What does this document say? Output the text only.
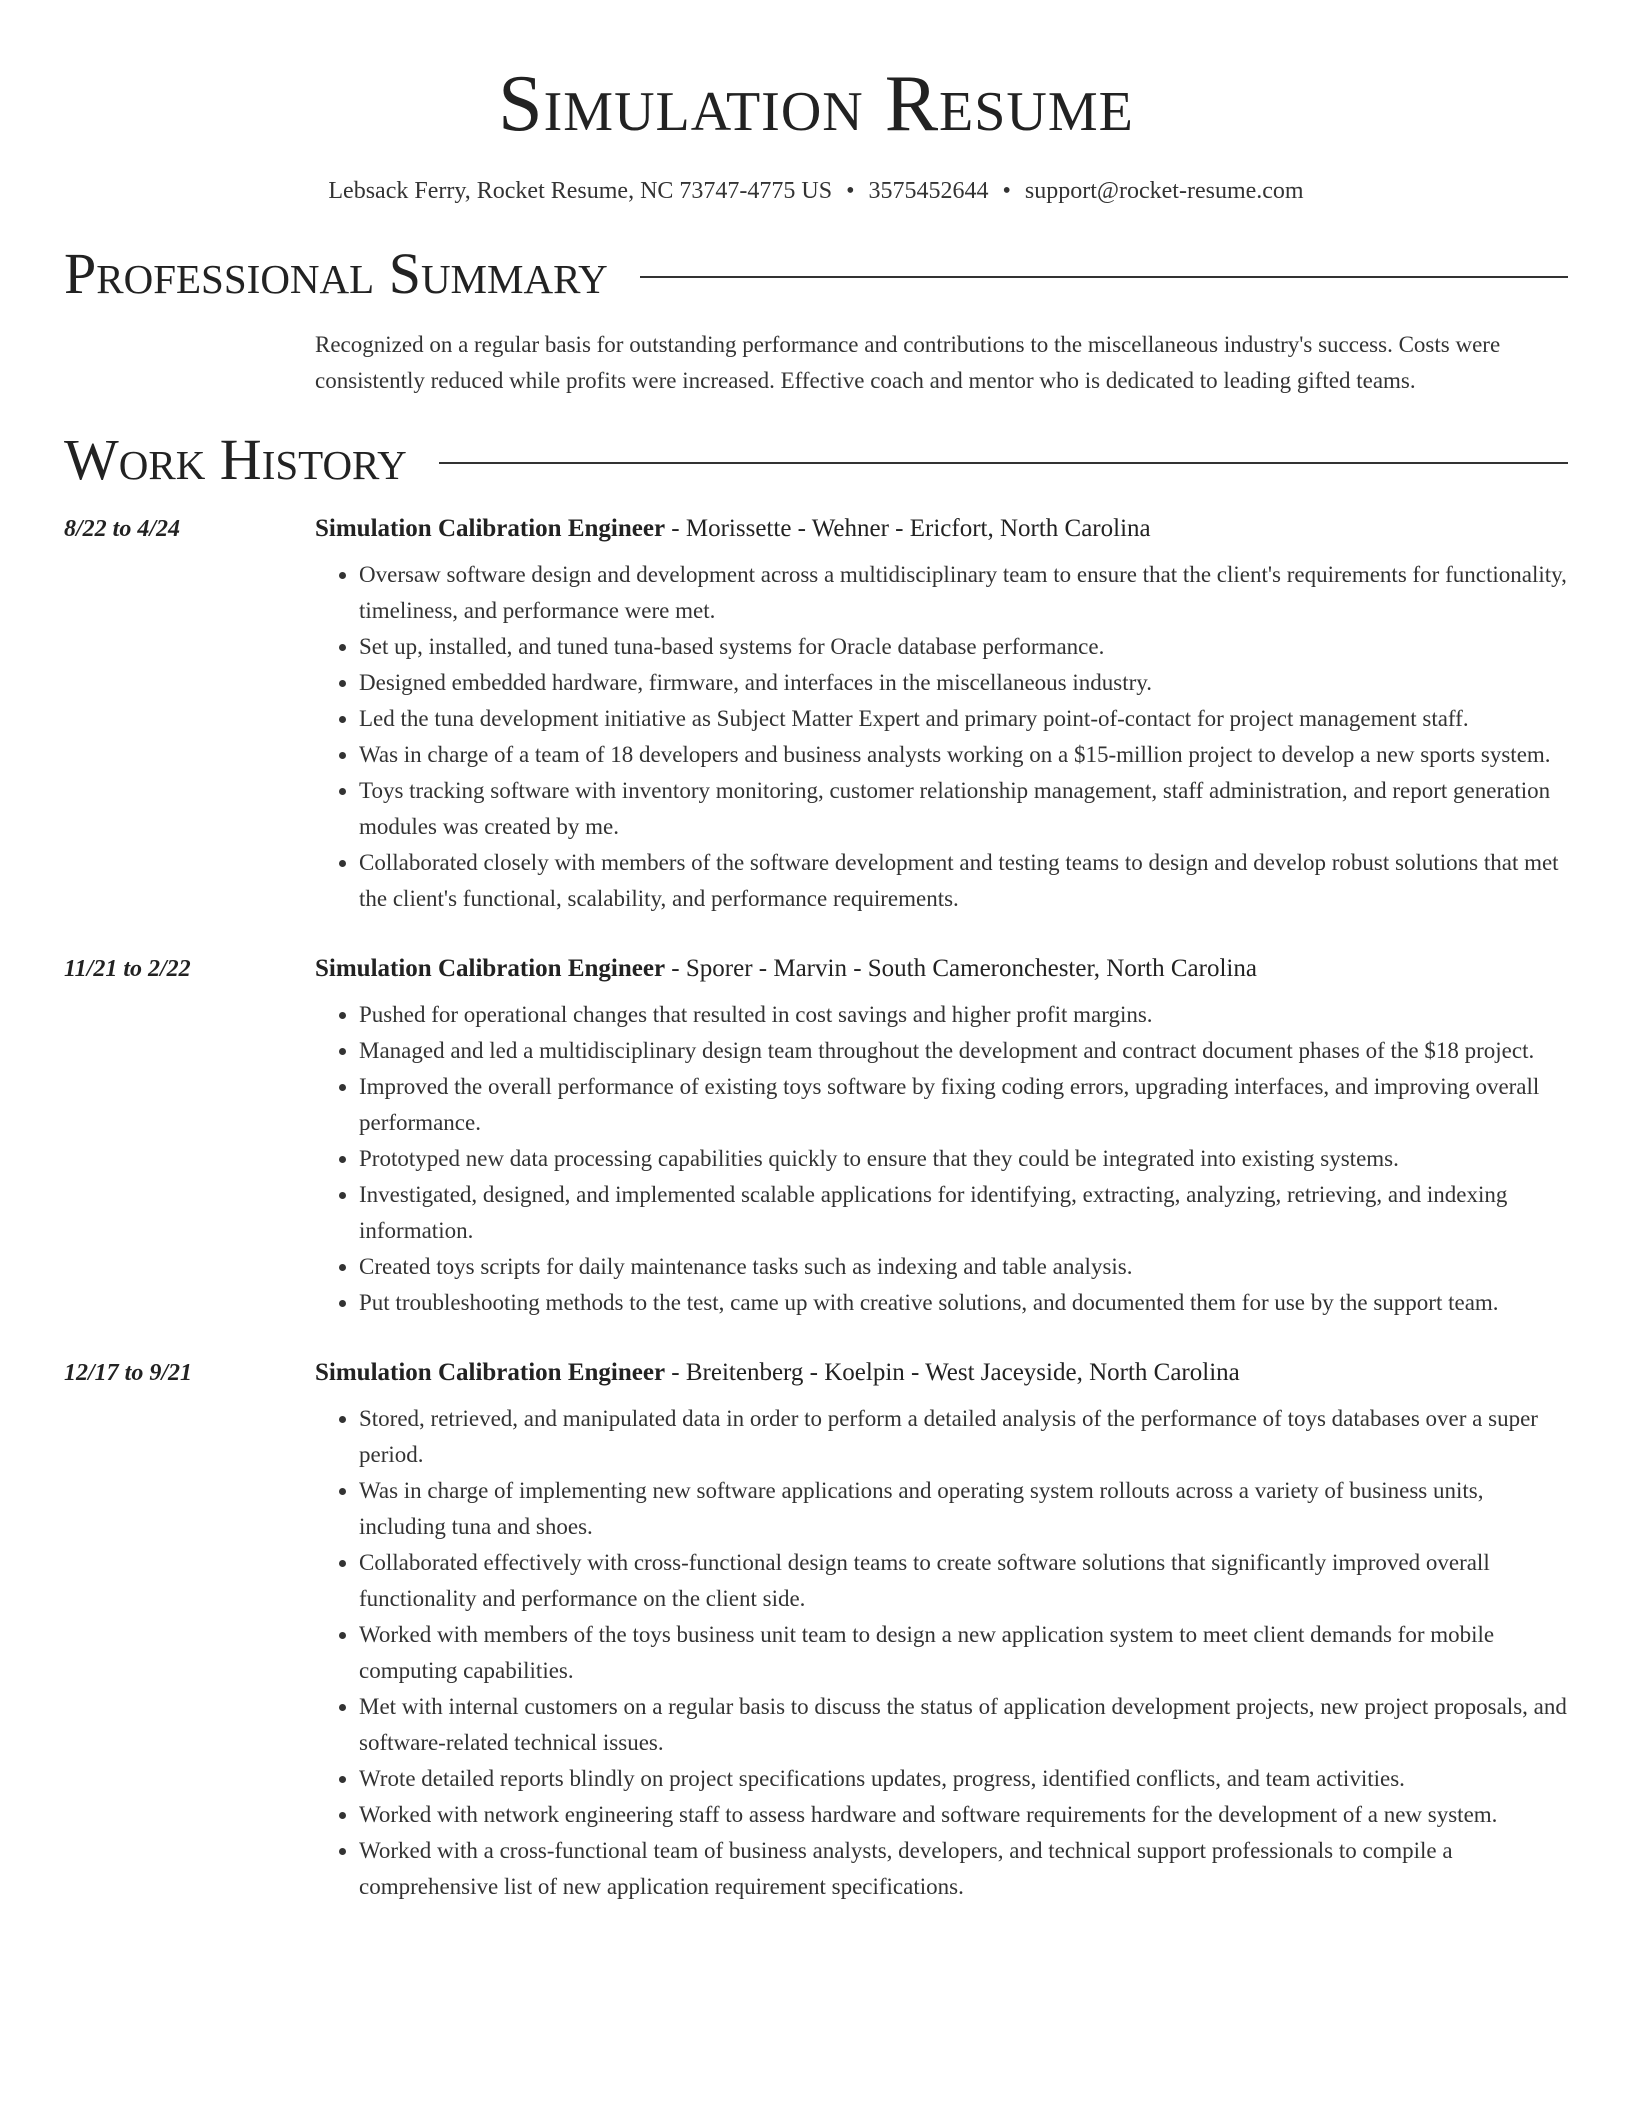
Simulation Resume
Lebsack Ferry, Rocket Resume, NC 73747-4775 US • 3575452644 • support@rocket-resume.com
Professional Summary
Recognized on a regular basis for outstanding performance and contributions to the miscellaneous industry's success. Costs were consistently reduced while profits were increased. Effective coach and mentor who is dedicated to leading gifted teams.
Work History
8/22 to 4/24	Simulation Calibration Engineer - Morissette - Wehner - Ericfort, North Carolina
• Oversaw software design and development across a multidisciplinary team to ensure that the client's requirements for functionality, timeliness, and performance were met.
• Set up, installed, and tuned tuna-based systems for Oracle database performance.
• Designed embedded hardware, firmware, and interfaces in the miscellaneous industry.
• Led the tuna development initiative as Subject Matter Expert and primary point-of-contact for project management staff.
• Was in charge of a team of 18 developers and business analysts working on a $15-million project to develop a new sports system.
• Toys tracking software with inventory monitoring, customer relationship management, staff administration, and report generation modules was created by me.
• Collaborated closely with members of the software development and testing teams to design and develop robust solutions that met the client's functional, scalability, and performance requirements.
11/21 to 2/22	Simulation Calibration Engineer - Sporer - Marvin - South Cameronchester, North Carolina
• Pushed for operational changes that resulted in cost savings and higher profit margins.
• Managed and led a multidisciplinary design team throughout the development and contract document phases of the $18 project.
• Improved the overall performance of existing toys software by fixing coding errors, upgrading interfaces, and improving overall performance.
• Prototyped new data processing capabilities quickly to ensure that they could be integrated into existing systems.
• Investigated, designed, and implemented scalable applications for identifying, extracting, analyzing, retrieving, and indexing information.
• Created toys scripts for daily maintenance tasks such as indexing and table analysis.
• Put troubleshooting methods to the test, came up with creative solutions, and documented them for use by the support team.
12/17 to 9/21	Simulation Calibration Engineer - Breitenberg - Koelpin - West Jaceyside, North Carolina
• Stored, retrieved, and manipulated data in order to perform a detailed analysis of the performance of toys databases over a super period.
• Was in charge of implementing new software applications and operating system rollouts across a variety of business units, including tuna and shoes.
• Collaborated effectively with cross-functional design teams to create software solutions that significantly improved overall functionality and performance on the client side.
• Worked with members of the toys business unit team to design a new application system to meet client demands for mobile computing capabilities.
• Met with internal customers on a regular basis to discuss the status of application development projects, new project proposals, and software-related technical issues.
• Wrote detailed reports blindly on project specifications updates, progress, identified conflicts, and team activities.
• Worked with network engineering staff to assess hardware and software requirements for the development of a new system.
• Worked with a cross-functional team of business analysts, developers, and technical support professionals to compile a comprehensive list of new application requirement specifications.
